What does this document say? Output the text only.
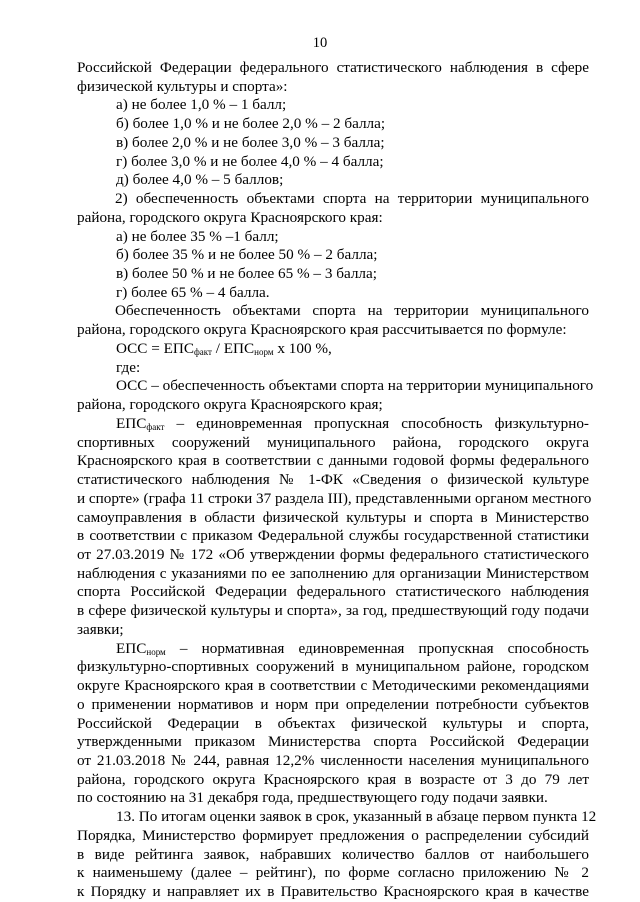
10
Российской Федерации федерального статистического наблюдения в сфере
физической культуры и спорта»:
а) не более 1,0 % – 1 балл;
б) более 1,0 % и не более 2,0 % – 2 балла;
в) более 2,0 % и не более 3,0 % – 3 балла;
г) более 3,0 % и не более 4,0 % – 4 балла;
д) более 4,0 % – 5 баллов;
2) обеспеченность объектами спорта на территории муниципального
района, городского округа Красноярского края:
а) не более 35 % –1 балл;
б) более 35 % и не более 50 % – 2 балла;
в) более 50 % и не более 65 % – 3 балла;
г) более 65 % – 4 балла.
Обеспеченность объектами спорта на территории муниципального
района, городского округа Красноярского края рассчитывается по формуле:
ОСС = $ЕПС_{факт} / ЕПС_{норм}$ х 100 %,
где:
ОСС – обеспеченность объектами спорта на территории муниципального
района, городского округа Красноярского края;
$ЕПС_{факт}$ – единовременная пропускная способность физкультурно-
спортивных сооружений муниципального района, городского округа
Красноярского края в соответствии с данными годовой формы федерального
статистического наблюдения № 1-ФК «Сведения о физической культуре
и спорте» (графа 11 строки 37 раздела III), представленными органом местного
самоуправления в области физической культуры и спорта в Министерство
в соответствии с приказом Федеральной службы государственной статистики
от 27.03.2019 № 172 «Об утверждении формы федерального статистического
наблюдения с указаниями по ее заполнению для организации Министерством
спорта Российской Федерации федерального статистического наблюдения
в сфере физической культуры и спорта», за год, предшествующий году подачи
заявки;
$ЕПС_{норм}$ – нормативная единовременная пропускная способность
физкультурно-спортивных сооружений в муниципальном районе, городском
округе Красноярского края в соответствии с Методическими рекомендациями
о применении нормативов и норм при определении потребности субъектов
Российской Федерации в объектах физической культуры и спорта,
утвержденными приказом Министерства спорта Российской Федерации
от 21.03.2018 № 244, равная 12,2% численности населения муниципального
района, городского округа Красноярского края в возрасте от 3 до 79 лет
по состоянию на 31 декабря года, предшествующего году подачи заявки.
13. По итогам оценки заявок в срок, указанный в абзаце первом пункта 12
Порядка, Министерство формирует предложения о распределении субсидий
в виде рейтинга заявок, набравших количество баллов от наибольшего
к наименьшему (далее – рейтинг), по форме согласно приложению № 2
к Порядку и направляет их в Правительство Красноярского края в качестве
